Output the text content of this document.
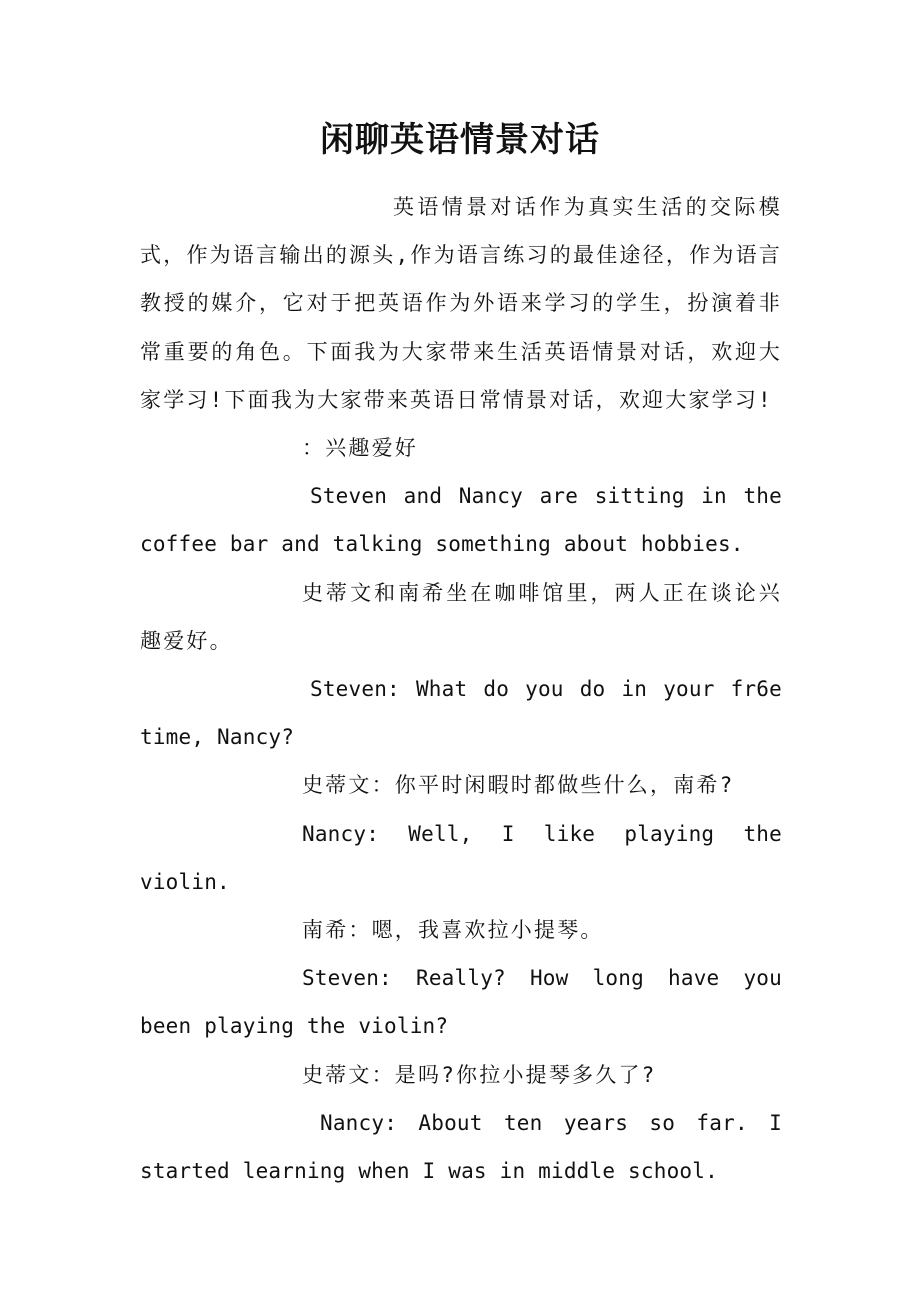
闲聊英语情景对话

英语情景对话作为真实生活的交际模式，作为语言输出的源头,作为语言练习的最佳途径，作为语言教授的媒介，它对于把英语作为外语来学习的学生，扮演着非常重要的角色。下面我为大家带来生活英语情景对话，欢迎大家学习!下面我为大家带来英语日常情景对话，欢迎大家学习!

：兴趣爱好

Steven and Nancy are sitting in the coffee bar and talking something about hobbies.

史蒂文和南希坐在咖啡馆里，两人正在谈论兴趣爱好。

Steven: What do you do in your fr6e time, Nancy?

史蒂文：你平时闲暇时都做些什么，南希?

Nancy: Well, I like playing the violin.

南希：嗯，我喜欢拉小提琴。

Steven: Really? How long have you been playing the violin?

史蒂文：是吗?你拉小提琴多久了?

Nancy: About ten years so far. I started learning when I was in middle school.
